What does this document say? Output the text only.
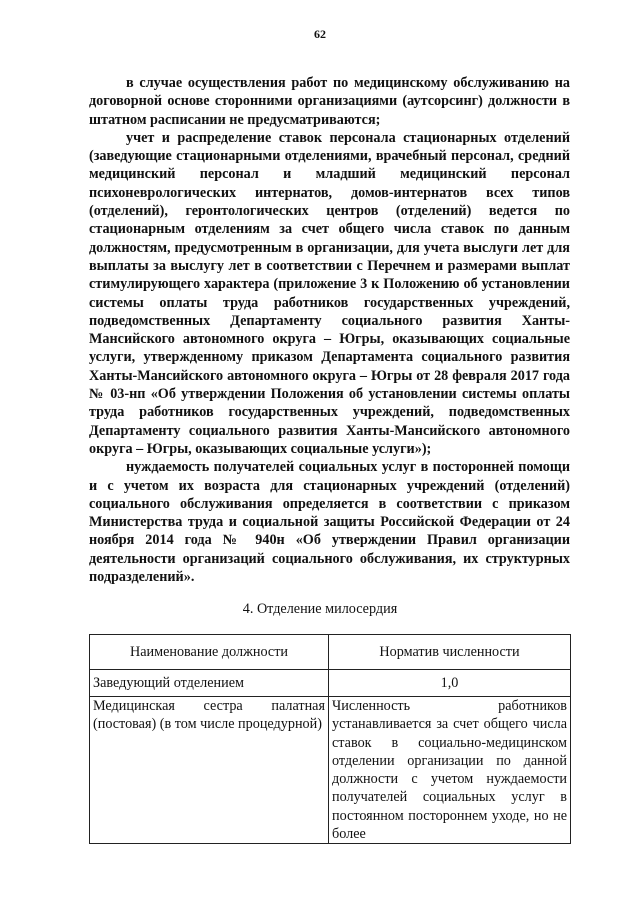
62

в случае осуществления работ по медицинскому обслуживанию на договорной основе сторонними организациями (аутсорсинг) должности в штатном расписании не предусматриваются;

учет и распределение ставок персонала стационарных отделений (заведующие стационарными отделениями, врачебный персонал, средний медицинский персонал и младший медицинский персонал психоневрологических интернатов, домов-интернатов всех типов (отделений), геронтологических центров (отделений) ведется по стационарным отделениям за счет общего числа ставок по данным должностям, предусмотренным в организации, для учета выслуги лет для выплаты за выслугу лет в соответствии с Перечнем и размерами выплат стимулирующего характера (приложение 3 к Положению об установлении системы оплаты труда работников государственных учреждений, подведомственных Департаменту социального развития Ханты-Мансийского автономного округа – Югры, оказывающих социальные услуги, утвержденному приказом Департамента социального развития Ханты-Мансийского автономного округа – Югры от 28 февраля 2017 года № 03-нп «Об утверждении Положения об установлении системы оплаты труда работников государственных учреждений, подведомственных Департаменту социального развития Ханты-Мансийского автономного округа – Югры, оказывающих социальные услуги»);

нуждаемость получателей социальных услуг в посторонней помощи и с учетом их возраста для стационарных учреждений (отделений) социального обслуживания определяется в соответствии с приказом Министерства труда и социальной защиты Российской Федерации от 24 ноября 2014 года № 940н «Об утверждении Правил организации деятельности организаций социального обслуживания, их структурных подразделений».

4. Отделение милосердия
Наименование должности	Норматив численности
Заведующий отделением	1,0
Медицинская сестра палатная (постовая) (в том числе процедурной)	Численность работников устанавливается за счет общего числа ставок в социально-медицинском отделении организации по данной должности с учетом нуждаемости получателей социальных услуг в постоянном постороннем уходе, но не более
